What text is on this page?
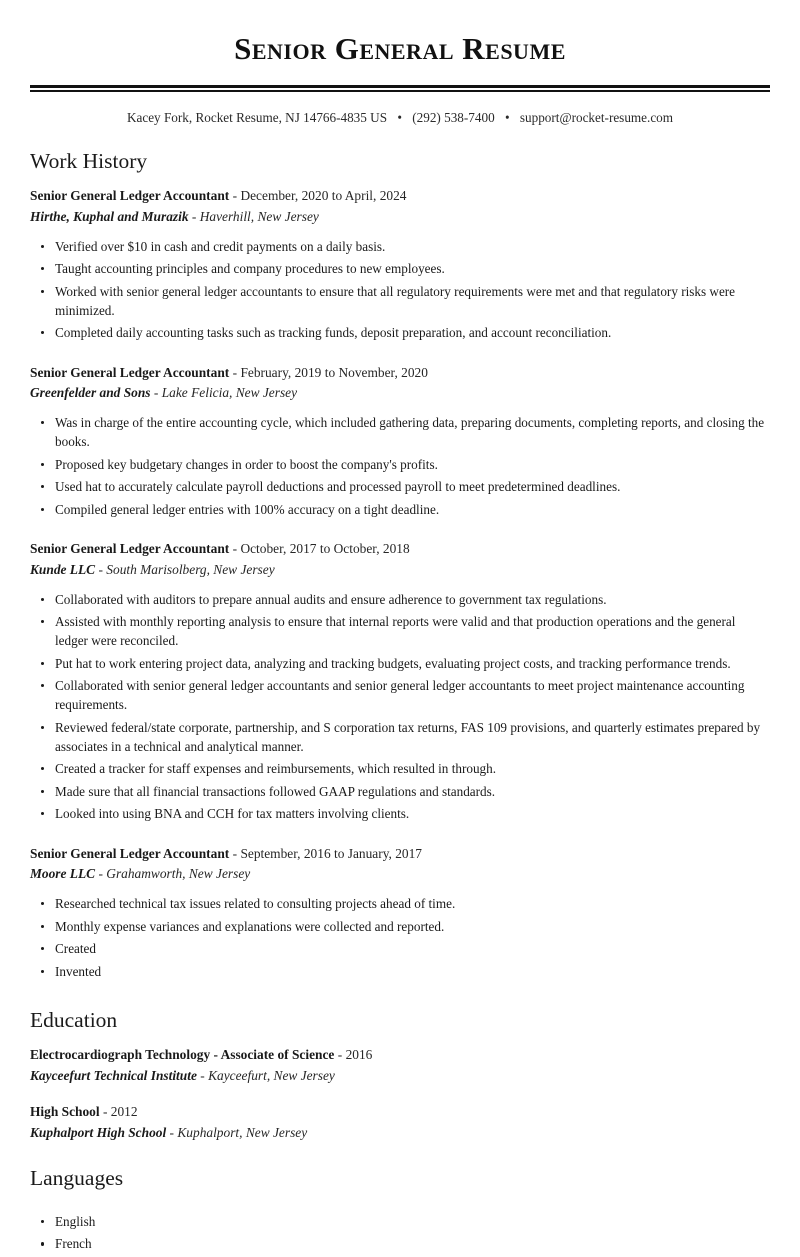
Senior General Resume
Kacey Fork, Rocket Resume, NJ 14766-4835 US • (292) 538-7400 • support@rocket-resume.com
Work History
Senior General Ledger Accountant - December, 2020 to April, 2024
Hirthe, Kuphal and Murazik - Haverhill, New Jersey
Verified over $10 in cash and credit payments on a daily basis.
Taught accounting principles and company procedures to new employees.
Worked with senior general ledger accountants to ensure that all regulatory requirements were met and that regulatory risks were minimized.
Completed daily accounting tasks such as tracking funds, deposit preparation, and account reconciliation.
Senior General Ledger Accountant - February, 2019 to November, 2020
Greenfelder and Sons - Lake Felicia, New Jersey
Was in charge of the entire accounting cycle, which included gathering data, preparing documents, completing reports, and closing the books.
Proposed key budgetary changes in order to boost the company's profits.
Used hat to accurately calculate payroll deductions and processed payroll to meet predetermined deadlines.
Compiled general ledger entries with 100% accuracy on a tight deadline.
Senior General Ledger Accountant - October, 2017 to October, 2018
Kunde LLC - South Marisolberg, New Jersey
Collaborated with auditors to prepare annual audits and ensure adherence to government tax regulations.
Assisted with monthly reporting analysis to ensure that internal reports were valid and that production operations and the general ledger were reconciled.
Put hat to work entering project data, analyzing and tracking budgets, evaluating project costs, and tracking performance trends.
Collaborated with senior general ledger accountants and senior general ledger accountants to meet project maintenance accounting requirements.
Reviewed federal/state corporate, partnership, and S corporation tax returns, FAS 109 provisions, and quarterly estimates prepared by associates in a technical and analytical manner.
Created a tracker for staff expenses and reimbursements, which resulted in through.
Made sure that all financial transactions followed GAAP regulations and standards.
Looked into using BNA and CCH for tax matters involving clients.
Senior General Ledger Accountant - September, 2016 to January, 2017
Moore LLC - Grahamworth, New Jersey
Researched technical tax issues related to consulting projects ahead of time.
Monthly expense variances and explanations were collected and reported.
Created
Invented
Education
Electrocardiograph Technology - Associate of Science - 2016
Kayceefurt Technical Institute - Kayceefurt, New Jersey
High School - 2012
Kuphalport High School - Kuphalport, New Jersey
Languages
English
French
